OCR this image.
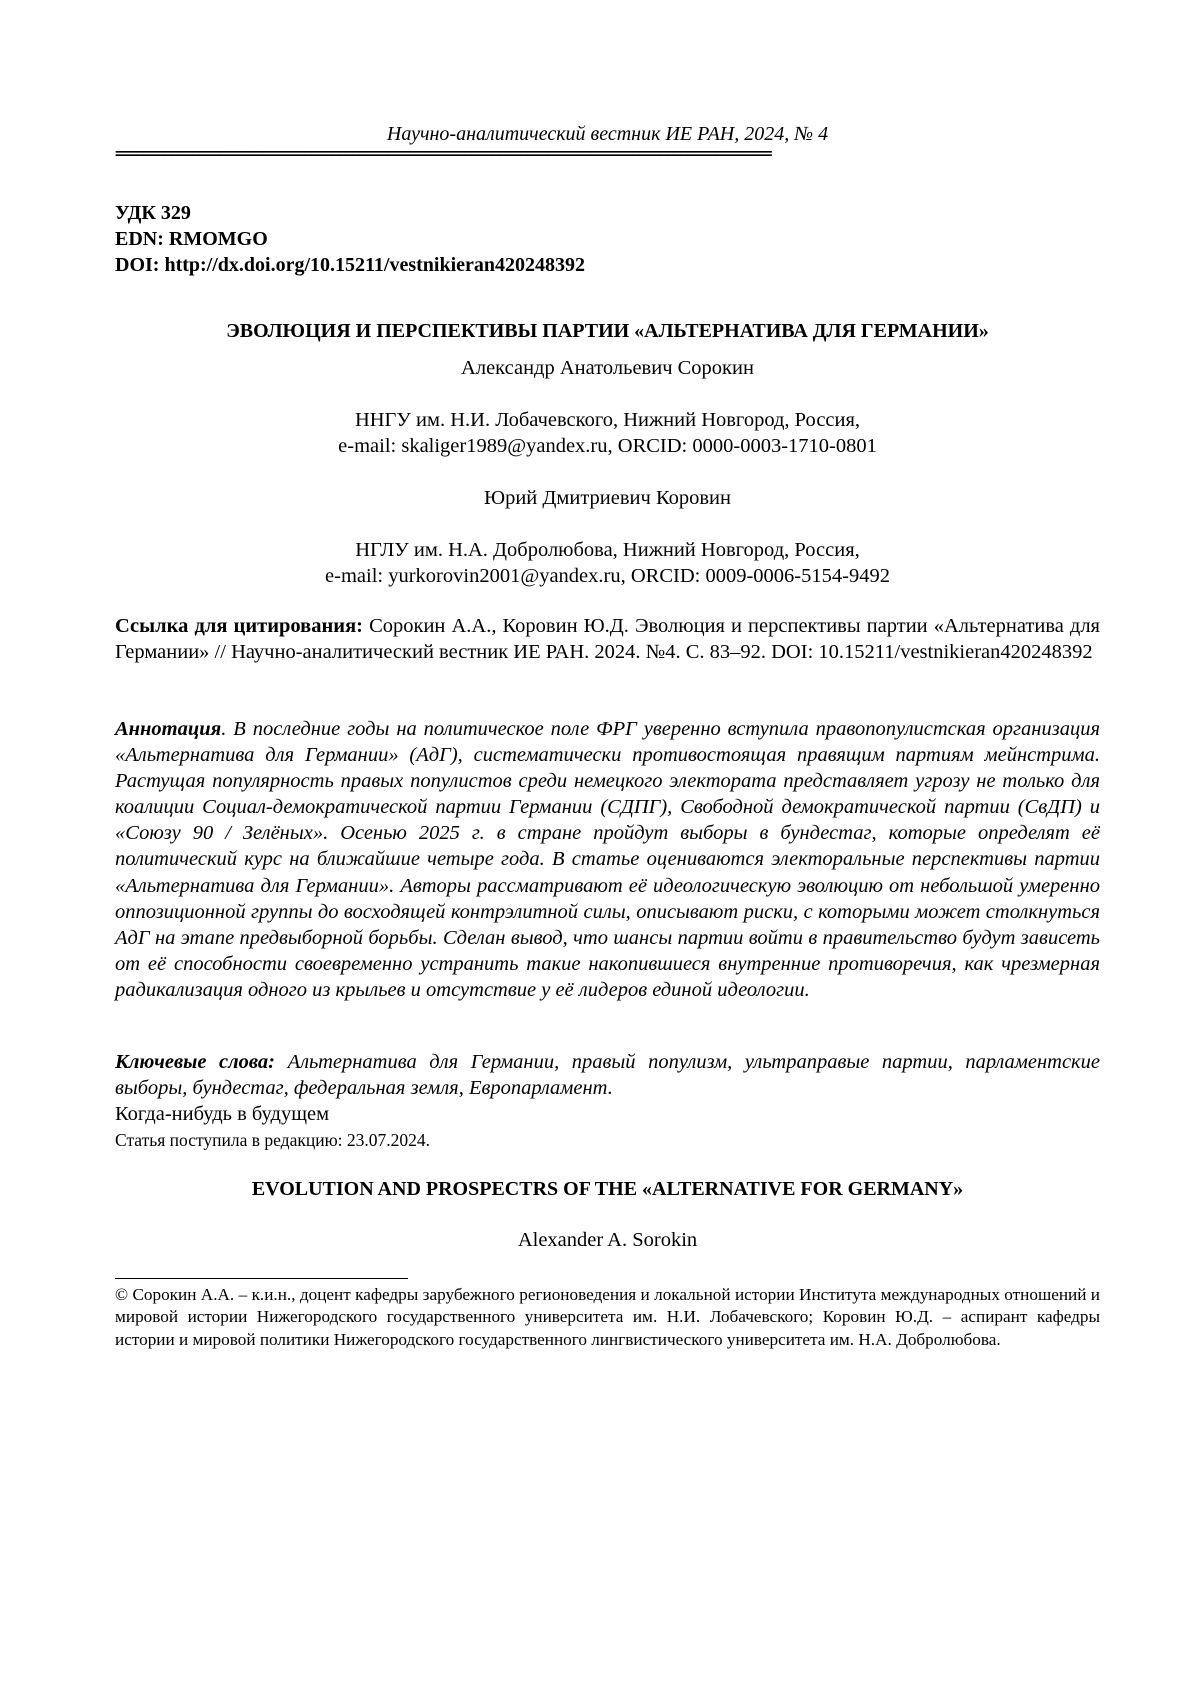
Научно-аналитический вестник ИЕ РАН, 2024, № 4
==============================================================================================
УДК 329
EDN: RMOMGO
DOI: http://dx.doi.org/10.15211/vestnikieran420248392
ЭВОЛЮЦИЯ И ПЕРСПЕКТИВЫ ПАРТИИ «АЛЬТЕРНАТИВА ДЛЯ ГЕРМАНИИ»
Александр Анатольевич Сорокин
ННГУ им. Н.И. Лобачевского, Нижний Новгород, Россия,
e-mail: skaliger1989@yandex.ru, ORCID: 0000-0003-1710-0801
Юрий Дмитриевич Коровин
НГЛУ им. Н.А. Добролюбова, Нижний Новгород, Россия,
e-mail: yurkorovin2001@yandex.ru, ORCID: 0009-0006-5154-9492
Ссылка для цитирования: Сорокин А.А., Коровин Ю.Д. Эволюция и перспективы партии «Альтернатива для Германии» // Научно-аналитический вестник ИЕ РАН. 2024. №4. С. 83–92. DOI: 10.15211/vestnikieran420248392
Аннотация. В последние годы на политическое поле ФРГ уверенно вступила правопопулистская организация «Альтернатива для Германии» (АдГ), систематически противостоящая правящим партиям мейнстрима. Растущая популярность правых популистов среди немецкого электората представляет угрозу не только для коалиции Социал-демократической партии Германии (СДПГ), Свободной демократической партии (СвДП) и «Союзу 90 / Зелёных». Осенью 2025 г. в стране пройдут выборы в бундестаг, которые определят её политический курс на ближайшие четыре года. В статье оцениваются электоральные перспективы партии «Альтернатива для Германии». Авторы рассматривают её идеологическую эволюцию от небольшой умеренно оппозиционной группы до восходящей контрэлитной силы, описывают риски, с которыми может столкнуться АдГ на этапе предвыборной борьбы. Сделан вывод, что шансы партии войти в правительство будут зависеть от её способности своевременно устранить такие накопившиеся внутренние противоречия, как чрезмерная радикализация одного из крыльев и отсутствие у её лидеров единой идеологии.
Ключевые слова: Альтернатива для Германии, правый популизм, ультраправые партии, парламентские выборы, бундестаг, федеральная земля, Европарламент.
Когда-нибудь в будущем
Статья поступила в редакцию: 23.07.2024.
EVOLUTION AND PROSPECTRS OF THE «ALTERNATIVE FOR GERMANY»
Alexander A. Sorokin
© Сорокин А.А. – к.и.н., доцент кафедры зарубежного регионоведения и локальной истории Института международных отношений и мировой истории Нижегородского государственного университета им. Н.И. Лобачевского; Коровин Ю.Д. – аспирант кафедры истории и мировой политики Нижегородского государственного лингвистического университета им. Н.А. Добролюбова.
